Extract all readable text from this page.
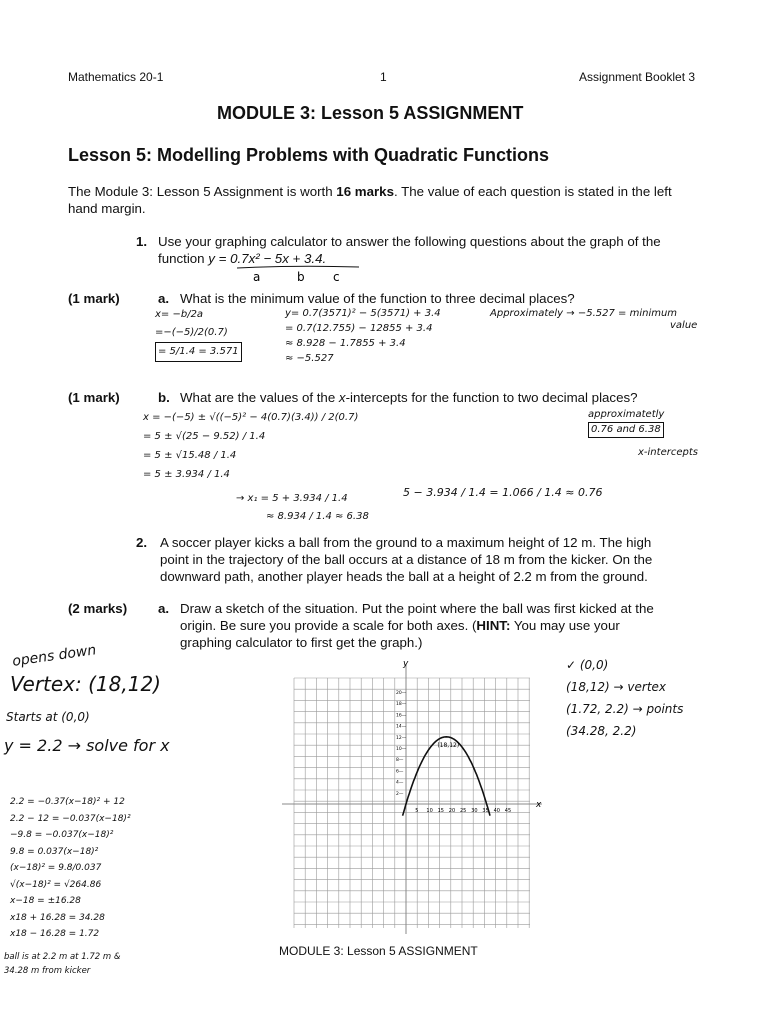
Mathematics 20-1	1	Assignment Booklet 3
MODULE 3: Lesson 5 ASSIGNMENT
Lesson 5: Modelling Problems with Quadratic Functions
The Module 3: Lesson 5 Assignment is worth 16 marks. The value of each question is stated in the left hand margin.
1. Use your graphing calculator to answer the following questions about the graph of the
function y = 0.7x² − 5x + 3.4.
a	b c
(1 mark)	a. What is the minimum value of the function to three decimal places?
x= −b/2a
=−(−5)/2(0.7)
= 5/1.4 = 3.571
y= 0.7(3571)² − 5(3571) + 3.4
= 0.7(12.755) − 12855 + 3.4
≈ 8.928 − 1.7855 + 3.4
≈ −5.527
Approximately → −5.527 = minimum
value
(1 mark)	b. What are the values of the x-intercepts for the function to two decimal places?
x = −(−5) ± √((−5)² − 4(0.7)(3.4)) / 2(0.7)
= 5 ± √(25 − 9.52) / 1.4
= 5 ± √15.48 / 1.4
= 5 ± 3.934 / 1.4
→ x₁ = 5 + 3.934 / 1.4
≈ 8.934 / 1.4 ≈ 6.38
5 − 3.934 / 1.4 = 1.066 / 1.4 ≈ 0.76
approximatetly
0.76 and 6.38
x-intercepts
2. A soccer player kicks a ball from the ground to a maximum height of 12 m. The high
point in the trajectory of the ball occurs at a distance of 18 m from the kicker. On the
downward path, another player heads the ball at a height of 2.2 m from the ground.
(2 marks) a. Draw a sketch of the situation. Put the point where the ball was first kicked at the
origin. Be sure you provide a scale for both axes. (HINT: You may use your
graphing calculator to first get the graph.)
opens down
Vertex: (18,12)
Starts at (0,0)
y = 2.2 → solve for x
2.2 = −0.37(x−18)² + 12
2.2 − 12 = −0.037(x−18)²
−9.8 = −0.037(x−18)²
9.8 = 0.037(x−18)²
(x−18)² = 9.8/0.037
√(x−18)² = √264.86
x−18 = ±16.28
x18 + 16.28 = 34.28
x18 − 16.28 = 1.72
ball is at 2.2 m at 1.72 m &
34.28 m from kicker
✓ (0,0)
(18,12) → vertex
(1.72, 2.2) → points
(34.28, 2.2)
5 10 15 20 25 30 35 40 45
2—
4—
6—
8—
10—
12—
14—
16—
18—
20—
(18,12)
x
y
MODULE 3: Lesson 5 ASSIGNMENT
